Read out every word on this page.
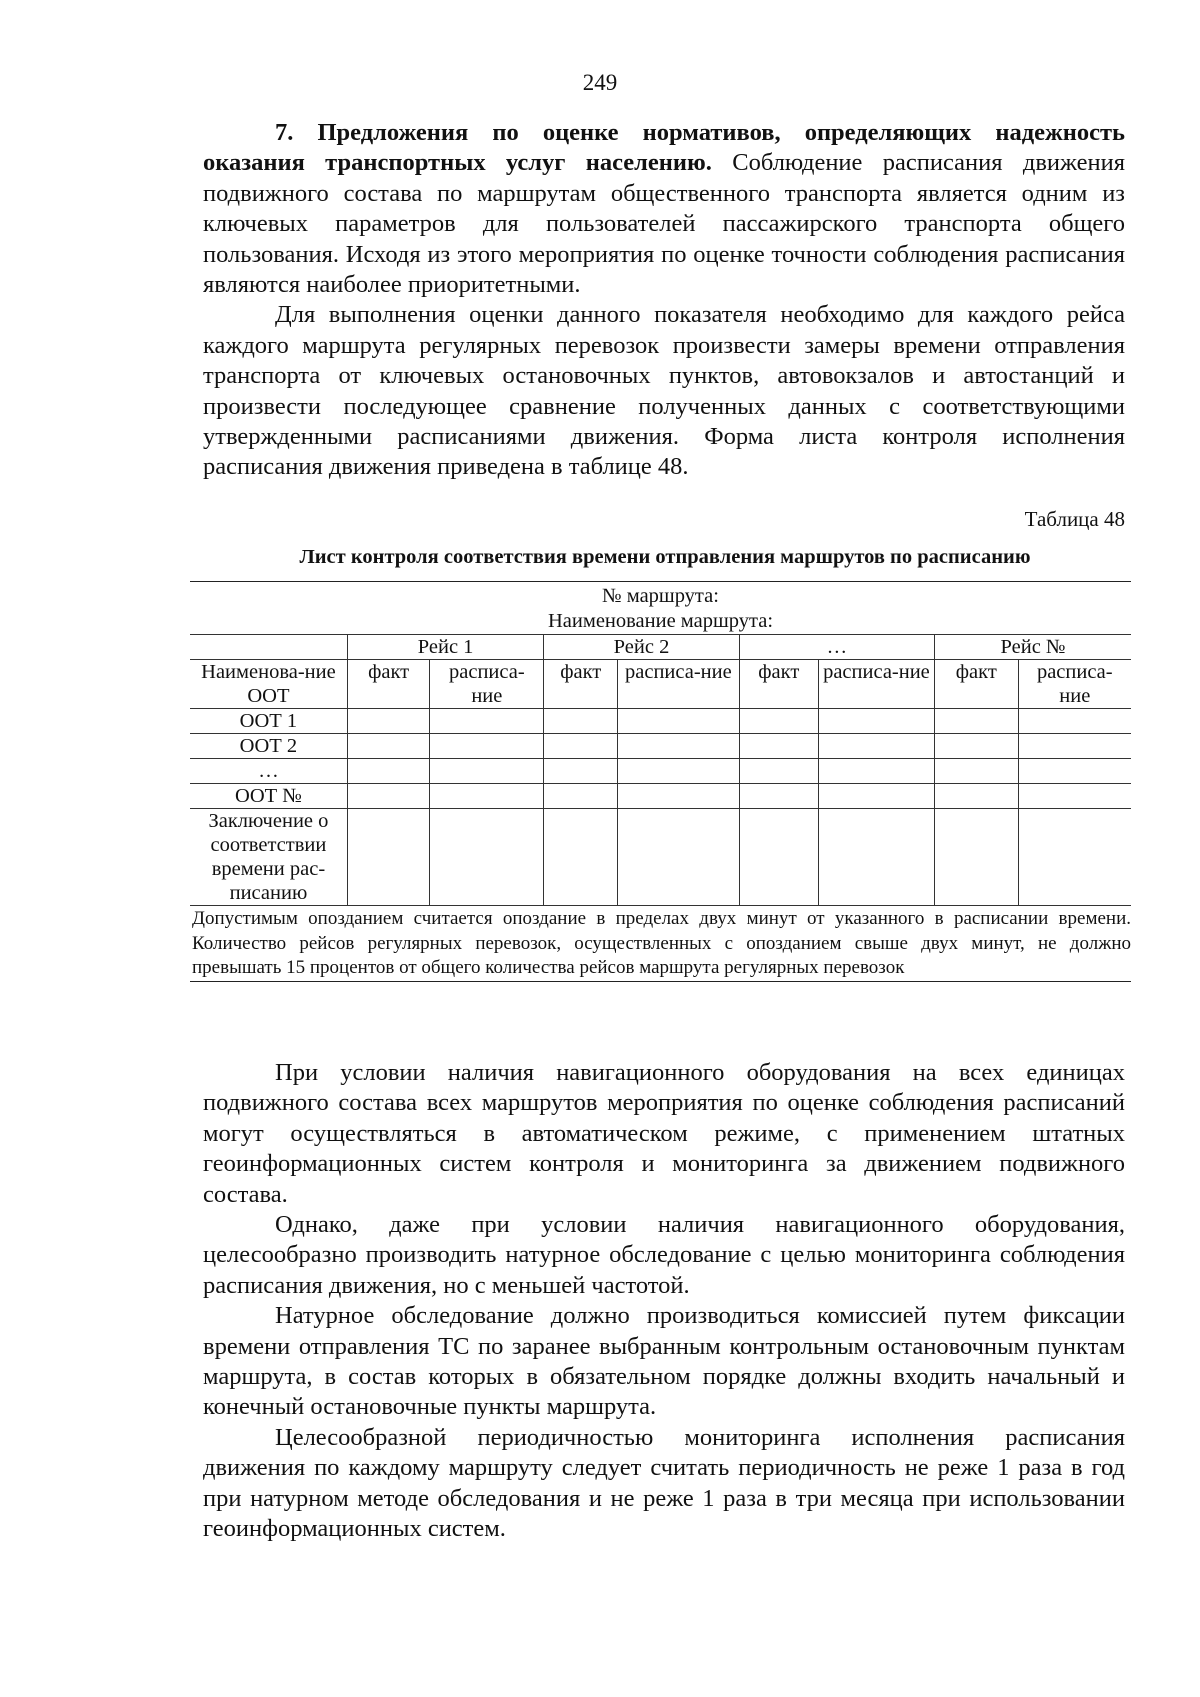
249

7. Предложения по оценке нормативов, определяющих надежность оказания транспортных услуг населению. Соблюдение расписания движения подвижного состава по маршрутам общественного транспорта является одним из ключевых параметров для пользователей пассажирского транспорта общего пользования. Исходя из этого мероприятия по оценке точности соблюдения расписания являются наиболее приоритетными.

Для выполнения оценки данного показателя необходимо для каждого рейса каждого маршрута регулярных перевозок произвести замеры времени отправления транспорта от ключевых остановочных пунктов, автовокзалов и автостанций и произвести последующее сравнение полученных данных с соответствующими утвержденными расписаниями движения. Форма листа контроля исполнения расписания движения приведена в таблице 48.

Таблица 48
Лист контроля соответствия времени отправления маршрутов по расписанию
№ маршрута:
Наименование маршрута:								

	Рейс 1		Рейс 2		…		Рейс №	
Наименова-ние ООТ	факт	расписа-ние	факт	расписа-ние	факт	расписа-ние	факт	расписа-ние
ООТ 1								
ООТ 2								
…								
ООТ №								
Заключение о соответствии времени рас-писанию								
Допустимым опозданием считается опоздание в пределах двух минут от указанного в расписании времени. Количество рейсов регулярных перевозок, осуществленных с опозданием свыше двух минут, не должно превышать 15 процентов от общего количества рейсов маршрута регулярных перевозок								

При условии наличия навигационного оборудования на всех единицах подвижного состава всех маршрутов мероприятия по оценке соблюдения расписаний могут осуществляться в автоматическом режиме, с применением штатных геоинформационных систем контроля и мониторинга за движением подвижного состава.

Однако, даже при условии наличия навигационного оборудования, целесообразно производить натурное обследование с целью мониторинга соблюдения расписания движения, но с меньшей частотой.

Натурное обследование должно производиться комиссией путем фиксации времени отправления ТС по заранее выбранным контрольным остановочным пунктам маршрута, в состав которых в обязательном порядке должны входить начальный и конечный остановочные пункты маршрута.

Целесообразной периодичностью мониторинга исполнения расписания движения по каждому маршруту следует считать периодичность не реже 1 раза в год при натурном методе обследования и не реже 1 раза в три месяца при использовании геоинформационных систем.
